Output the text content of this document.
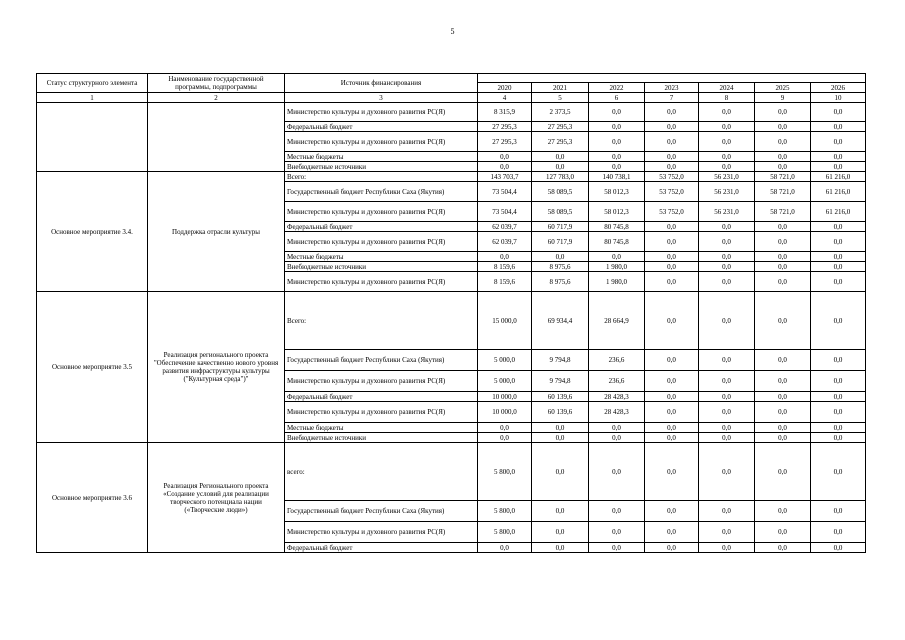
5
Статус структурного элемента	Наименование государственной программы, подпрограммы	Источник финансирования							
			2020	2021	2022	2023	2024	2025	2026
1	2	3	4	5	6	7	8	9	10
		Министерство культуры и духовного развития РС(Я)	8 315,9	2 373,5	0,0	0,0	0,0	0,0	0,0
		Федеральный бюджет	27 295,3	27 295,3	0,0	0,0	0,0	0,0	0,0
		Министерство культуры и духовного развития РС(Я)	27 295,3	27 295,3	0,0	0,0	0,0	0,0	0,0
		Местные бюджеты	0,0	0,0	0,0	0,0	0,0	0,0	0,0
		Внебюджетные источники	0,0	0,0	0,0	0,0	0,0	0,0	0,0
Основное мероприятие 3.4.	Поддержка отрасли культуры	Всего:	143 703,7	127 783,0	140 738,1	53 752,0	56 231,0	58 721,0	61 216,0
		Государственный бюджет Республики Саха (Якутия)	73 504,4	58 089,5	58 012,3	53 752,0	56 231,0	58 721,0	61 216,0
		Министерство культуры и духовного развития РС(Я)	73 504,4	58 089,5	58 012,3	53 752,0	56 231,0	58 721,0	61 216,0
		Федеральный бюджет	62 039,7	60 717,9	80 745,8	0,0	0,0	0,0	0,0
		Министерство культуры и духовного развития РС(Я)	62 039,7	60 717,9	80 745,8	0,0	0,0	0,0	0,0
		Местные бюджеты	0,0	0,0	0,0	0,0	0,0	0,0	0,0
		Внебюджетные источники	8 159,6	8 975,6	1 980,0	0,0	0,0	0,0	0,0
		Министерство культуры и духовного развития РС(Я)	8 159,6	8 975,6	1 980,0	0,0	0,0	0,0	0,0
Основное мероприятие 3.5	Реализация регионального проекта "Обеспечение качественно нового уровня развития инфраструктуры культуры ("Культурная среда")"	Всего:	15 000,0	69 934,4	28 664,9	0,0	0,0	0,0	0,0
		Государственный бюджет Республики Саха (Якутия)	5 000,0	9 794,8	236,6	0,0	0,0	0,0	0,0
		Министерство культуры и духовного развития РС(Я)	5 000,0	9 794,8	236,6	0,0	0,0	0,0	0,0
		Федеральный бюджет	10 000,0	60 139,6	28 428,3	0,0	0,0	0,0	0,0
		Министерство культуры и духовного развития РС(Я)	10 000,0	60 139,6	28 428,3	0,0	0,0	0,0	0,0
		Местные бюджеты	0,0	0,0	0,0	0,0	0,0	0,0	0,0
		Внебюджетные источники	0,0	0,0	0,0	0,0	0,0	0,0	0,0
Основное мероприятие 3.6	Реализация Регионального проекта «Создание условий для реализации творческого потенциала нации («Творческие люди»)	всего:	5 800,0	0,0	0,0	0,0	0,0	0,0	0,0
		Государственный бюджет Республики Саха (Якутия)	5 800,0	0,0	0,0	0,0	0,0	0,0	0,0
		Министерство культуры и духовного развития РС(Я)	5 800,0	0,0	0,0	0,0	0,0	0,0	0,0
		Федеральный бюджет	0,0	0,0	0,0	0,0	0,0	0,0	0,0
